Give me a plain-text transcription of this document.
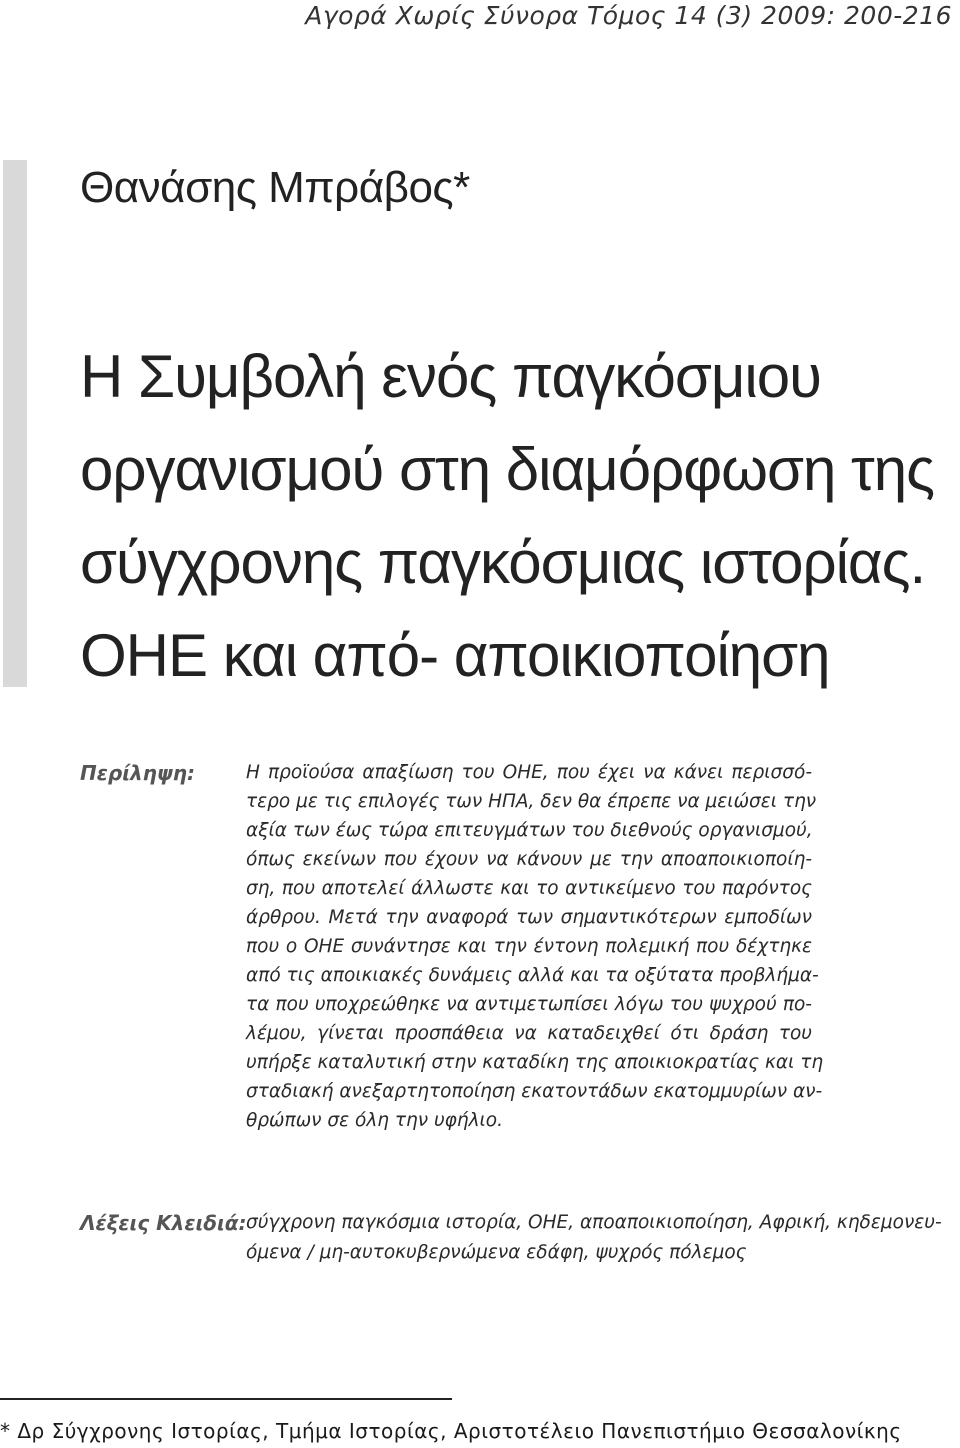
Αγορά Χωρίς Σύνορα Τόμος 14 (3) 2009: 200-216
Θανάσης Μπράβος*
Η Συμβολή ενός παγκόσμιου
οργανισμού στη διαμόρφωση της
σύγχρονης παγκόσμιας ιστορίας.
ΟΗΕ και από- αποικιοποίηση
Περίληψη:	Η προϊούσα απαξίωση του ΟΗΕ, που έχει να κάνει περισσό-
τερο με τις επιλογές των ΗΠΑ, δεν θα έπρεπε να μειώσει την
αξία των έως τώρα επιτευγμάτων του διεθνούς οργανισμού,
όπως εκείνων που έχουν να κάνουν με την αποαποικιοποίη-
ση, που αποτελεί άλλωστε και το αντικείμενο του παρόντος
άρθρου. Μετά την αναφορά των σημαντικότερων εμποδίων
που ο ΟΗΕ συνάντησε και την έντονη πολεμική που δέχτηκε
από τις αποικιακές δυνάμεις αλλά και τα οξύτατα προβλήμα-
τα που υποχρεώθηκε να αντιμετωπίσει λόγω του ψυχρού πο-
λέμου, γίνεται προσπάθεια να καταδειχθεί ότι δράση του
υπήρξε καταλυτική στην καταδίκη της αποικιοκρατίας και τη
σταδιακή ανεξαρτητοποίηση εκατοντάδων εκατομμυρίων αν-
θρώπων σε όλη την υφήλιο.
Λέξεις Κλειδιά: σύγχρονη παγκόσμια ιστορία, ΟΗΕ, αποαποικιοποίηση, Αφρική, κηδεμονευ-
όμενα / μη-αυτοκυβερνώμενα εδάφη, ψυχρός πόλεμος
* Δρ Σύγχρονης Ιστορίας, Τμήμα Ιστορίας, Αριστοτέλειο Πανεπιστήμιο Θεσσαλονίκης
